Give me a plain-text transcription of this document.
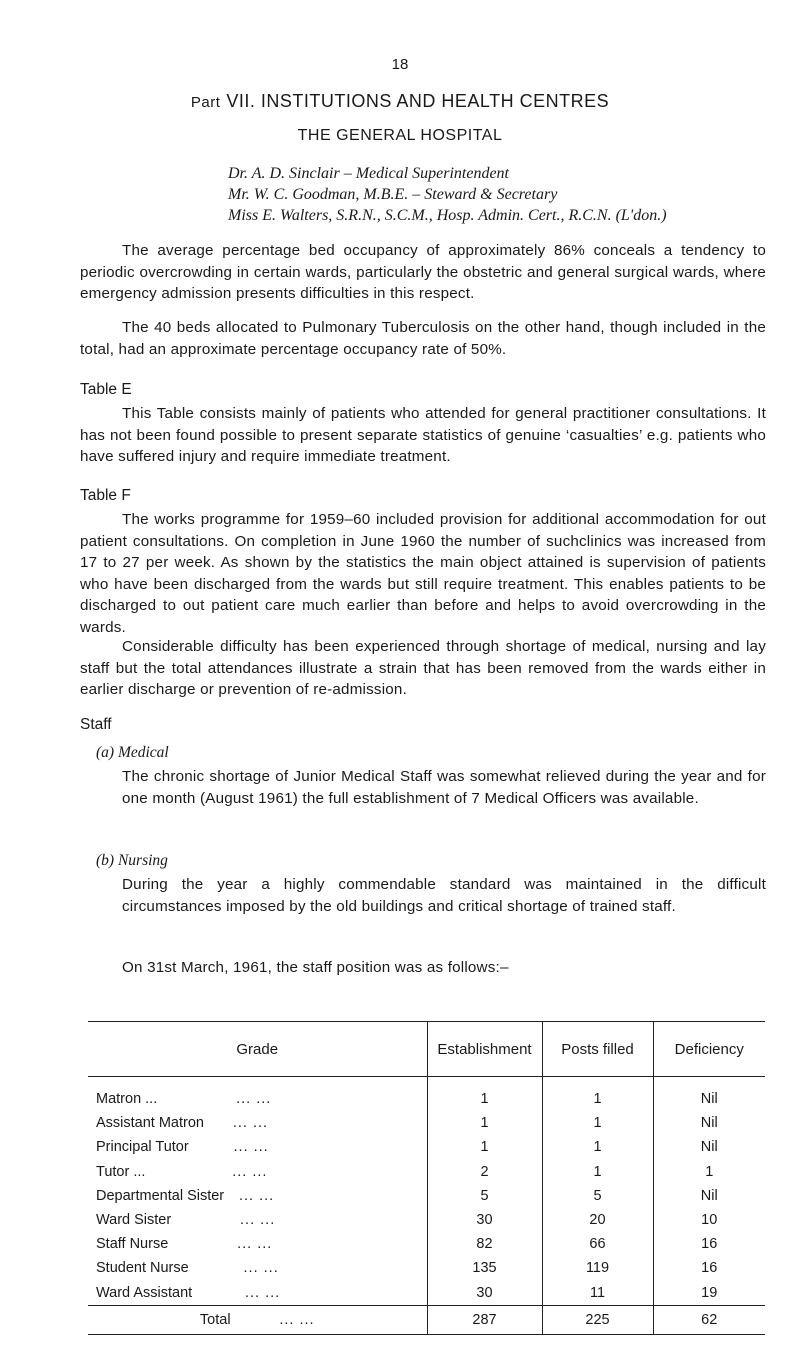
18
Part VII. INSTITUTIONS AND HEALTH CENTRES
THE GENERAL HOSPITAL
Dr. A. D. Sinclair – Medical Superintendent
Mr. W. C. Goodman, M.B.E. – Steward & Secretary
Miss E. Walters, S.R.N., S.C.M., Hosp. Admin. Cert., R.C.N. (L'don.)
The average percentage bed occupancy of approximately 86% conceals a tendency to periodic overcrowding in certain wards, particularly the obstetric and general surgical wards, where emergency admission presents difficulties in this respect.
The 40 beds allocated to Pulmonary Tuberculosis on the other hand, though included in the total, had an approximate percentage occupancy rate of 50%.
Table E
This Table consists mainly of patients who attended for general practitioner consultations. It has not been found possible to present separate statistics of genuine ‘casualties’ e.g. patients who have suffered injury and require immediate treatment.
Table F
The works programme for 1959–60 included provision for additional accommodation for out patient consultations. On completion in June 1960 the number of suchclinics was increased from 17 to 27 per week. As shown by the statistics the main object attained is supervision of patients who have been discharged from the wards but still require treatment. This enables patients to be discharged to out patient care much earlier than before and helps to avoid overcrowding in the wards.
Considerable difficulty has been experienced through shortage of medical, nursing and lay staff but the total attendances illustrate a strain that has been removed from the wards either in earlier discharge or prevention of re-admission.
Staff
(a) Medical
The chronic shortage of Junior Medical Staff was somewhat relieved during the year and for one month (August 1961) the full establishment of 7 Medical Officers was available.
(b) Nursing
During the year a highly commendable standard was maintained in the difficult circumstances imposed by the old buildings and critical shortage of trained staff.
On 31st March, 1961, the staff position was as follows:–
Grade	Establishment	Posts filled	Deficiency
Matron ... ... ...	1	1	Nil
Assistant Matron ... ...	1	1	Nil
Principal Tutor ... ...	1	1	Nil
Tutor ... ... ...	2	1	1
Departmental Sister ... ...	5	5	Nil
Ward Sister ... ...	30	20	10
Staff Nurse ... ...	82	66	16
Student Nurse ... ...	135	119	16
Ward Assistant ... ...	30	11	19
Total ... ...	287	225	62
